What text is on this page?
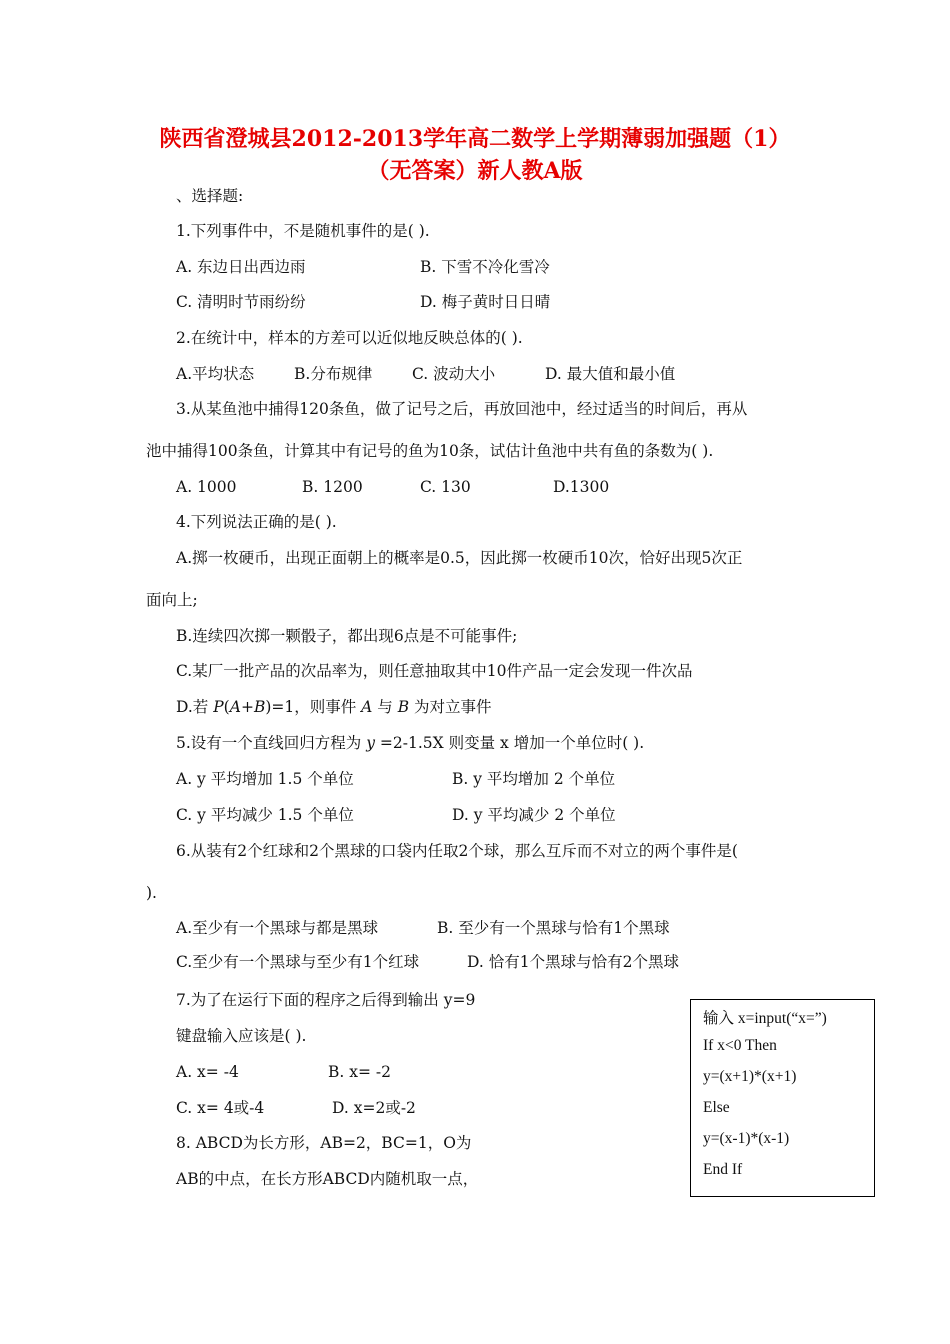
陕西省澄城县2012-2013学年高二数学上学期薄弱加强题（1）
（无答案）新人教A版
、选择题:
1.下列事件中，不是随机事件的是( ).
A. 东边日出西边雨	B. 下雪不冷化雪冷
C. 清明时节雨纷纷	D. 梅子黄时日日晴
2.在统计中，样本的方差可以近似地反映总体的( ).
A.平均状态	B.分布规律	C. 波动大小	D. 最大值和最小值
3.从某鱼池中捕得120条鱼，做了记号之后，再放回池中，经过适当的时间后，再从
池中捕得100条鱼，计算其中有记号的鱼为10条，试估计鱼池中共有鱼的条数为( ).
A. 1000	B. 1200	C. 130	D.1300
4.下列说法正确的是( ).
A.掷一枚硬币，出现正面朝上的概率是0.5，因此掷一枚硬币10次，恰好出现5次正
面向上;
B.连续四次掷一颗骰子，都出现6点是不可能事件;
C.某厂一批产品的次品率为，则任意抽取其中10件产品一定会发现一件次品
D.若 P(A+B)=1，则事件 A 与 B 为对立事件
5.设有一个直线回归方程为 y =2-1.5X 则变量 x 增加一个单位时( ).
A. y 平均增加 1.5 个单位	B. y 平均增加 2 个单位
C. y 平均减少 1.5 个单位	D. y 平均减少 2 个单位
6.从装有2个红球和2个黑球的口袋内任取2个球，那么互斥而不对立的两个事件是(
).
A.至少有一个黑球与都是黑球	B. 至少有一个黑球与恰有1个黑球
C.至少有一个黑球与至少有1个红球	D. 恰有1个黑球与恰有2个黑球
7.为了在运行下面的程序之后得到输出 y=9
键盘输入应该是( ).
A. x= -4	B. x= -2
C. x= 4或-4	D. x=2或-2
8. ABCD为长方形，AB=2，BC=1，O为
AB的中点，在长方形ABCD内随机取一点，
输入 x=input(“x=”)
If x<0 Then
y=(x+1)*(x+1)
Else
y=(x-1)*(x-1)
End If
